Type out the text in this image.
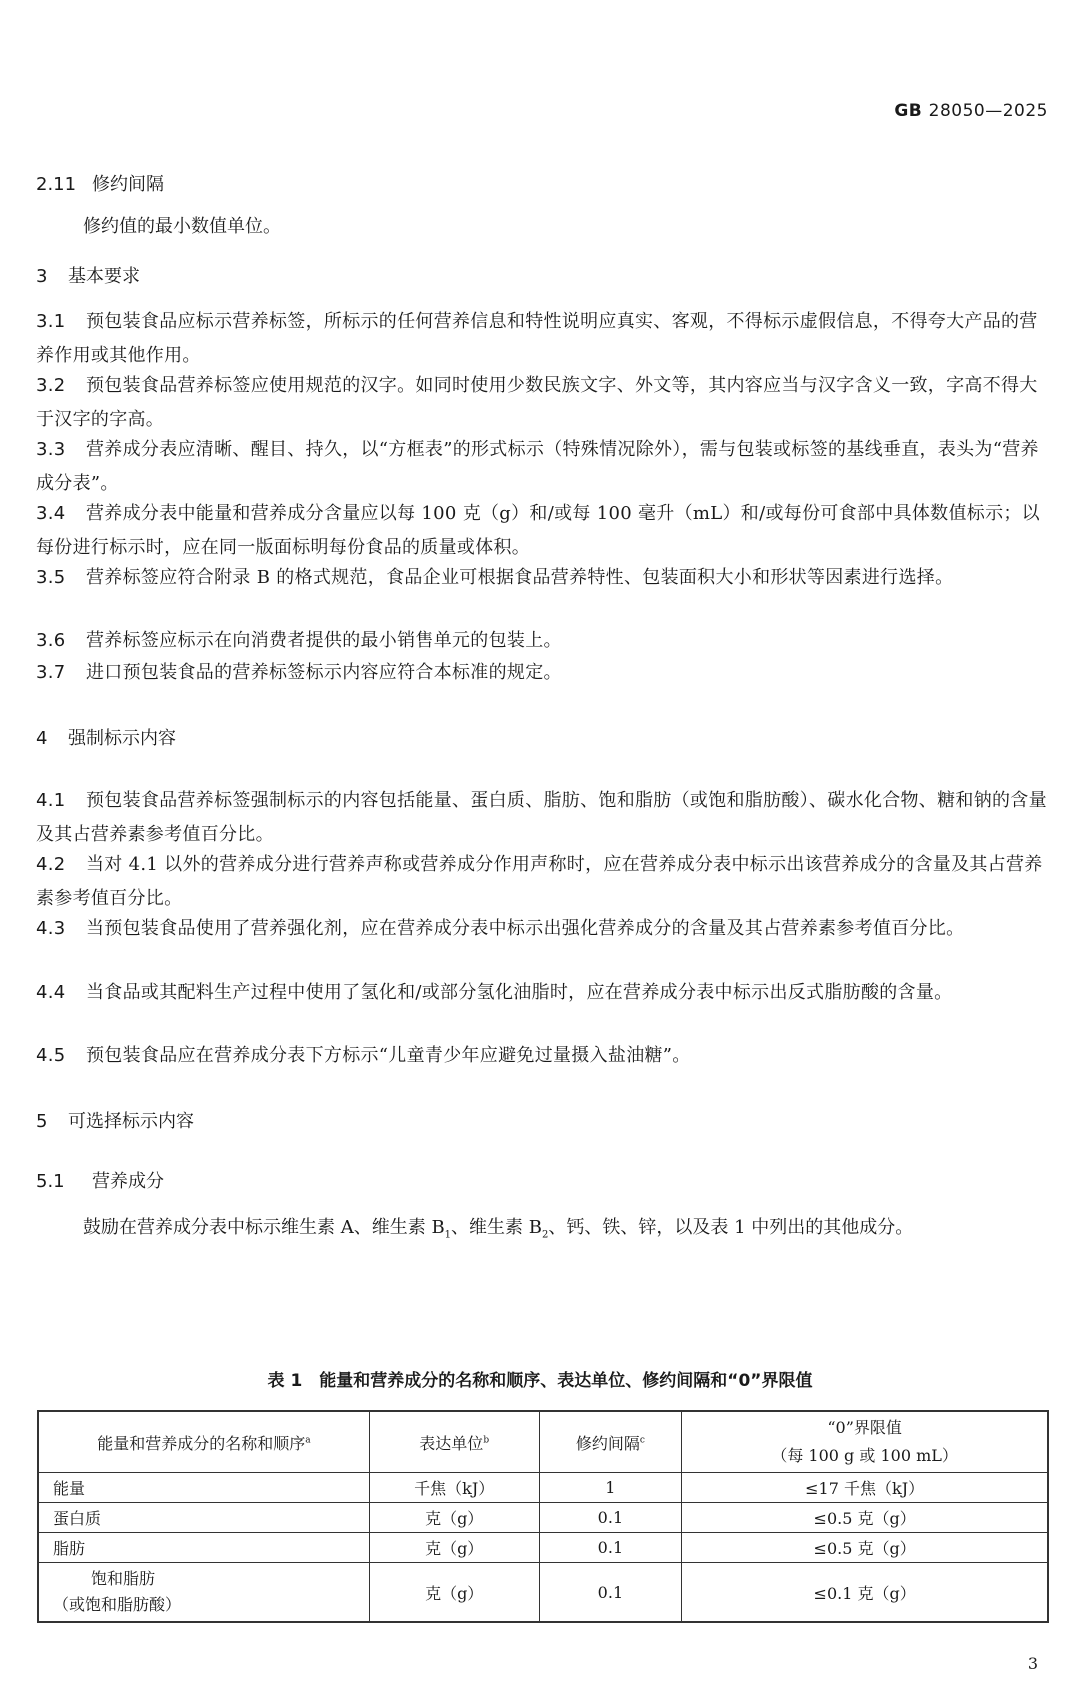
GB 28050—2025
2.11 修约间隔
修约值的最小数值单位。
3 基本要求
3.1 预包装食品应标示营养标签，所标示的任何营养信息和特性说明应真实、客观，不得标示虚假信息，不得夸大产品的营养作用或其他作用。
3.2 预包装食品营养标签应使用规范的汉字。如同时使用少数民族文字、外文等，其内容应当与汉字含义一致，字高不得大于汉字的字高。
3.3 营养成分表应清晰、醒目、持久，以“方框表”的形式标示（特殊情况除外），需与包装或标签的基线垂直，表头为“营养成分表”。
3.4 营养成分表中能量和营养成分含量应以每 100 克（g）和/或每 100 毫升（mL）和/或每份可食部中具体数值标示；以每份进行标示时，应在同一版面标明每份食品的质量或体积。
3.5 营养标签应符合附录 B 的格式规范，食品企业可根据食品营养特性、包装面积大小和形状等因素进行选择。
3.6 营养标签应标示在向消费者提供的最小销售单元的包装上。
3.7 进口预包装食品的营养标签标示内容应符合本标准的规定。
4 强制标示内容
4.1 预包装食品营养标签强制标示的内容包括能量、蛋白质、脂肪、饱和脂肪（或饱和脂肪酸）、碳水化合物、糖和钠的含量及其占营养素参考值百分比。
4.2 当对 4.1 以外的营养成分进行营养声称或营养成分作用声称时，应在营养成分表中标示出该营养成分的含量及其占营养素参考值百分比。
4.3 当预包装食品使用了营养强化剂，应在营养成分表中标示出强化营养成分的含量及其占营养素参考值百分比。
4.4 当食品或其配料生产过程中使用了氢化和/或部分氢化油脂时，应在营养成分表中标示出反式脂肪酸的含量。
4.5 预包装食品应在营养成分表下方标示“儿童青少年应避免过量摄入盐油糖”。
5 可选择标示内容
5.1 营养成分
鼓励在营养成分表中标示维生素 A、维生素 $B_1$、维生素 $B_2$、钙、铁、锌，以及表 1 中列出的其他成分。
表 1　能量和营养成分的名称和顺序、表达单位、修约间隔和“0”界限值
能量和营养成分的名称和顺序$^a$	表达单位$^b$	修约间隔$^c$	“0”界限值
（每 100 g 或 100 mL）

能量	千焦（kJ）	1	≤17 千焦（kJ）
蛋白质	克（g）	0.1	≤0.5 克（g）
脂肪	克（g）	0.1	≤0.5 克（g）

饱和脂肪
（或饱和脂肪酸）	克（g）	0.1	≤0.1 克（g）
3
